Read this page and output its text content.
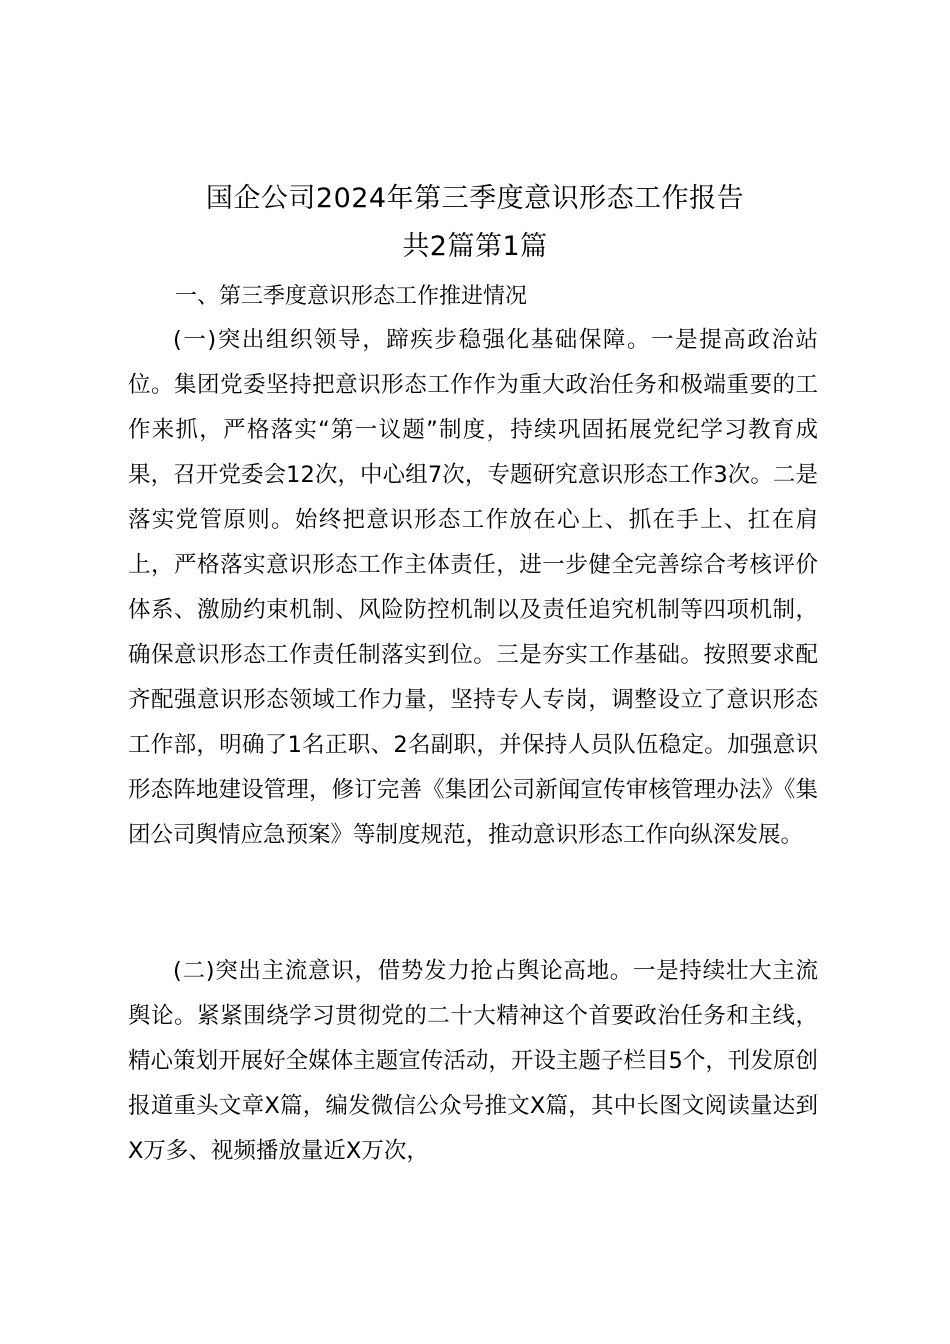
国企公司2024年第三季度意识形态工作报告
共2篇第1篇
一、第三季度意识形态工作推进情况

(一)突出组织领导，蹄疾步稳强化基础保障。一是提高政治站位。集团党委坚持把意识形态工作作为重大政治任务和极端重要的工作来抓，严格落实“第一议题”制度，持续巩固拓展党纪学习教育成果，召开党委会12次，中心组7次，专题研究意识形态工作3次。二是落实党管原则。始终把意识形态工作放在心上、抓在手上、扛在肩上，严格落实意识形态工作主体责任，进一步健全完善综合考核评价体系、激励约束机制、风险防控机制以及责任追究机制等四项机制，确保意识形态工作责任制落实到位。三是夯实工作基础。按照要求配齐配强意识形态领域工作力量，坚持专人专岗，调整设立了意识形态工作部，明确了1名正职、2名副职，并保持人员队伍稳定。加强意识形态阵地建设管理，修订完善《集团公司新闻宣传审核管理办法》《集团公司舆情应急预案》等制度规范，推动意识形态工作向纵深发展。

(二)突出主流意识，借势发力抢占舆论高地。一是持续壮大主流舆论。紧紧围绕学习贯彻党的二十大精神这个首要政治任务和主线，精心策划开展好全媒体主题宣传活动，开设主题子栏目5个，刊发原创报道重头文章X篇，编发微信公众号推文X篇，其中长图文阅读量达到X万多、视频播放量近X万次，
